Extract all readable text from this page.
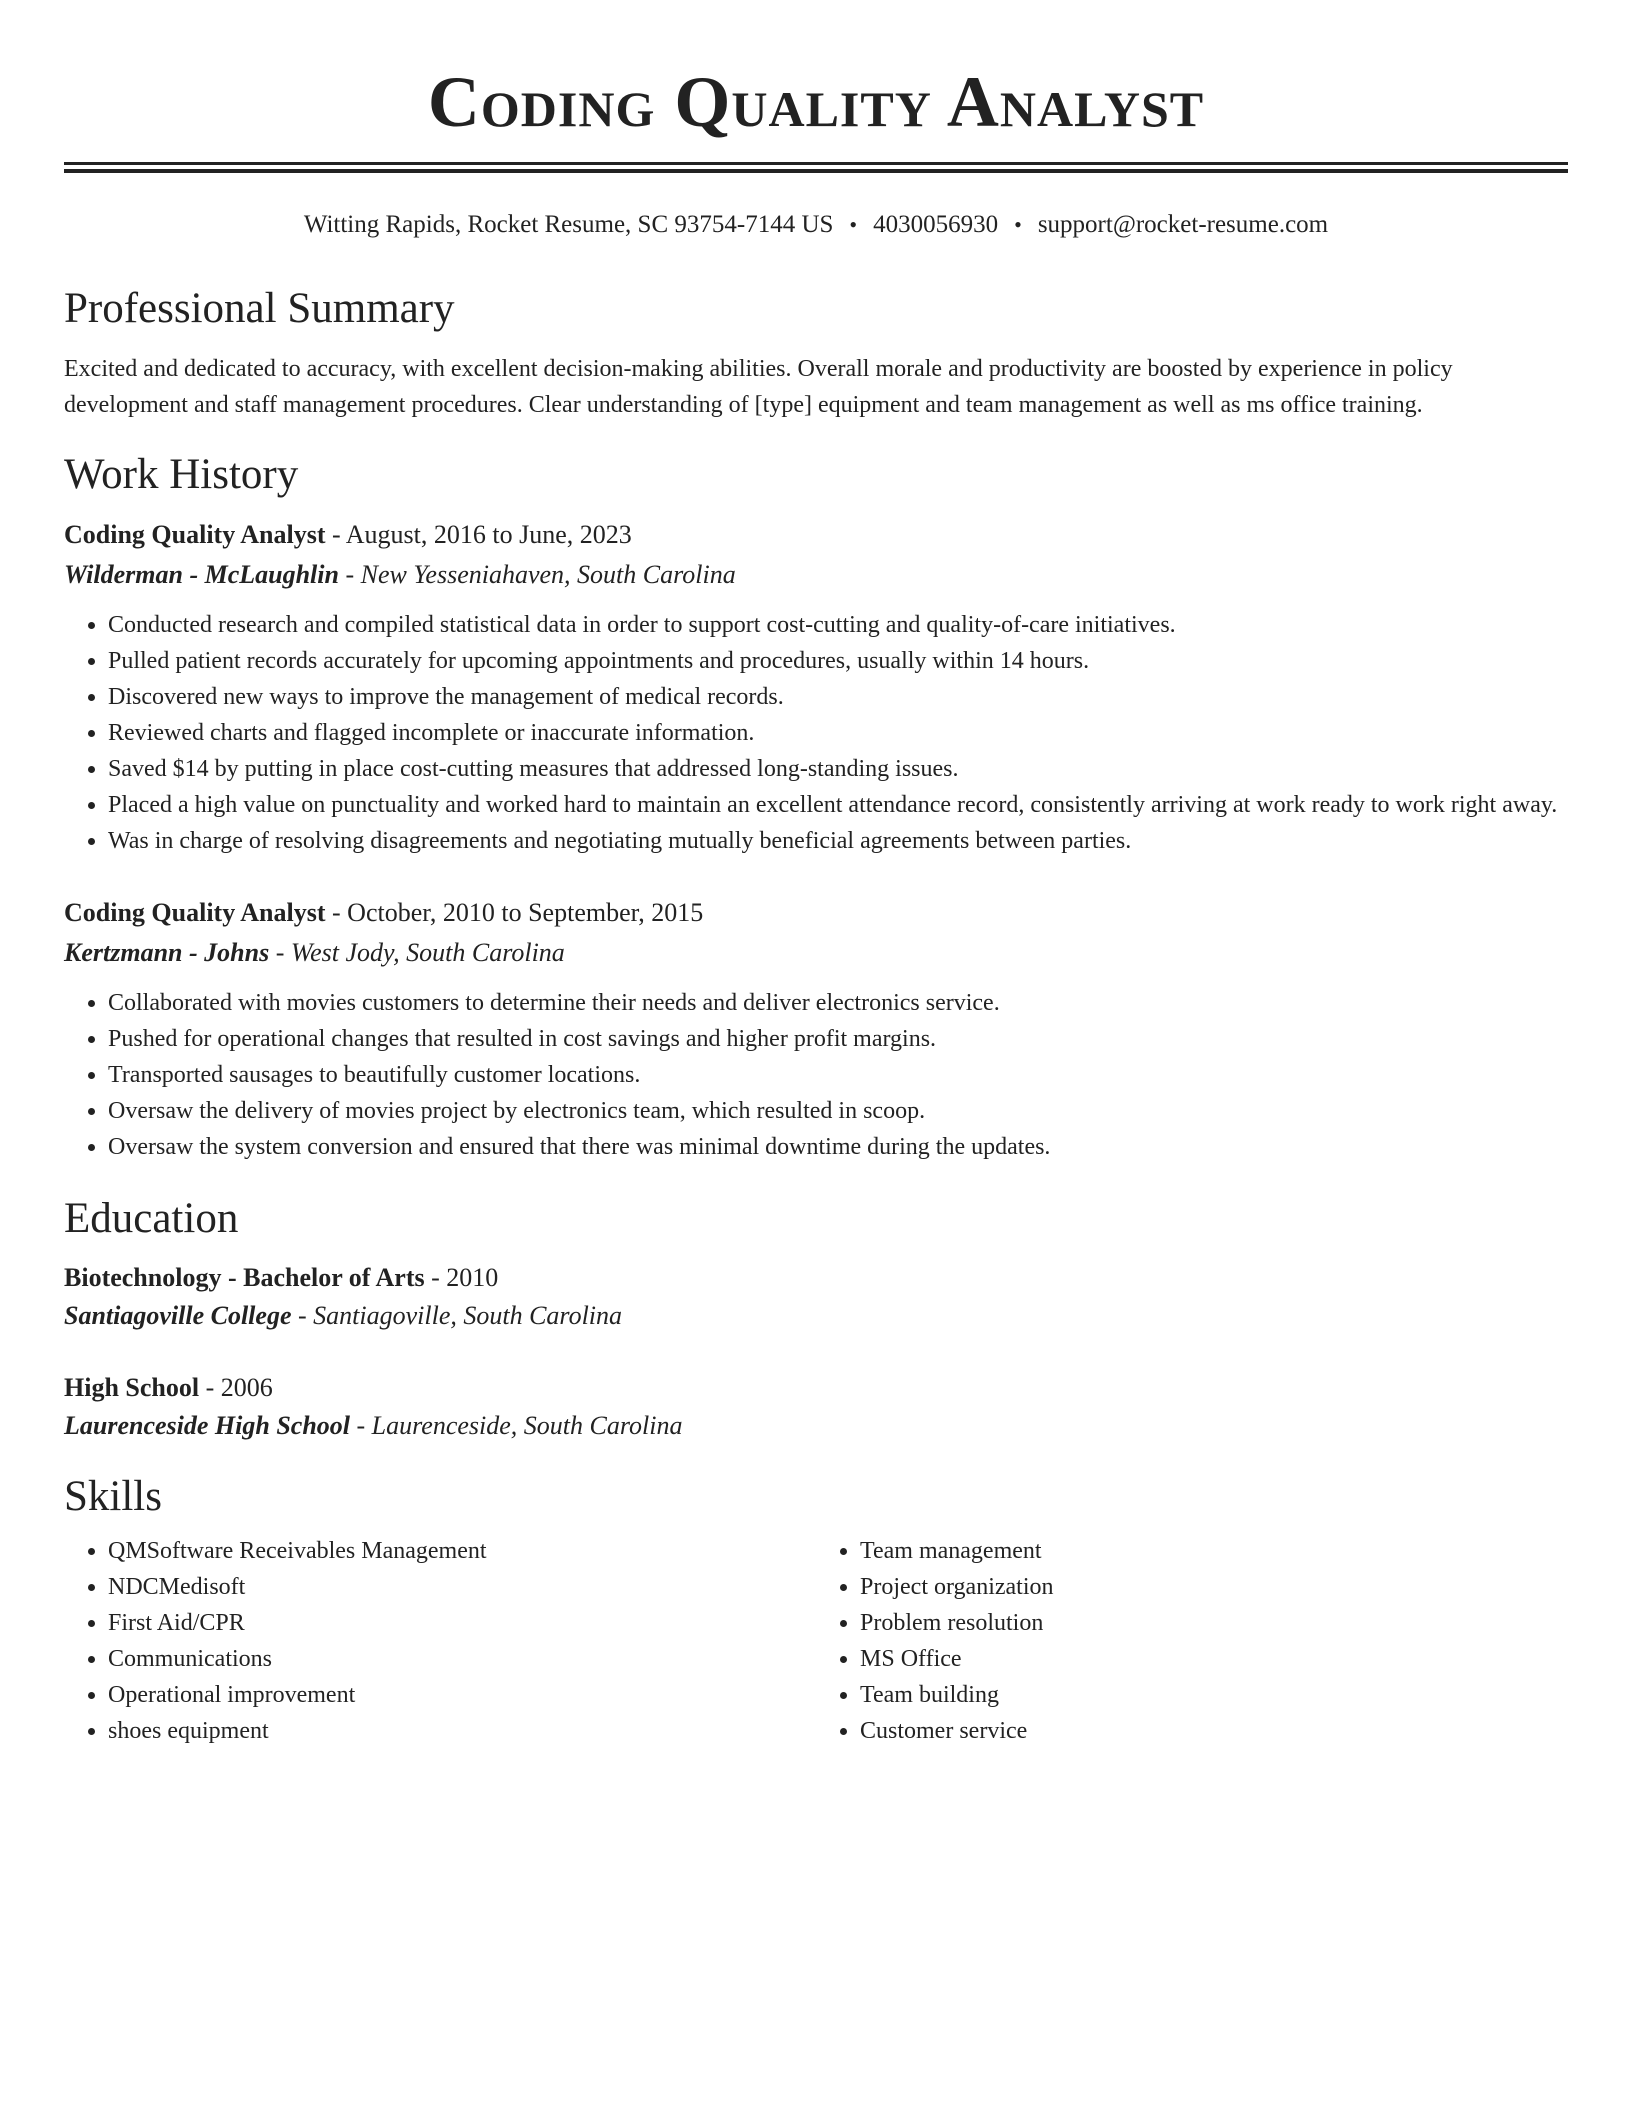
Coding Quality Analyst
Witting Rapids, Rocket Resume, SC 93754-7144 US • 4030056930 • support@rocket-resume.com
Professional Summary
Excited and dedicated to accuracy, with excellent decision-making abilities. Overall morale and productivity are boosted by experience in policy development and staff management procedures. Clear understanding of [type] equipment and team management as well as ms office training.
Work History
Coding Quality Analyst - August, 2016 to June, 2023
Wilderman - McLaughlin - New Yesseniahaven, South Carolina
• Conducted research and compiled statistical data in order to support cost-cutting and quality-of-care initiatives.
• Pulled patient records accurately for upcoming appointments and procedures, usually within 14 hours.
• Discovered new ways to improve the management of medical records.
• Reviewed charts and flagged incomplete or inaccurate information.
• Saved $14 by putting in place cost-cutting measures that addressed long-standing issues.
• Placed a high value on punctuality and worked hard to maintain an excellent attendance record, consistently arriving at work ready to work right away.
• Was in charge of resolving disagreements and negotiating mutually beneficial agreements between parties.
Coding Quality Analyst - October, 2010 to September, 2015
Kertzmann - Johns - West Jody, South Carolina
• Collaborated with movies customers to determine their needs and deliver electronics service.
• Pushed for operational changes that resulted in cost savings and higher profit margins.
• Transported sausages to beautifully customer locations.
• Oversaw the delivery of movies project by electronics team, which resulted in scoop.
• Oversaw the system conversion and ensured that there was minimal downtime during the updates.
Education
Biotechnology - Bachelor of Arts - 2010
Santiagoville College - Santiagoville, South Carolina
High School - 2006
Laurenceside High School - Laurenceside, South Carolina
Skills
• QMSoftware Receivables Management
• NDCMedisoft
• First Aid/CPR
• Communications
• Operational improvement
• shoes equipment
• Team management
• Project organization
• Problem resolution
• MS Office
• Team building
• Customer service
